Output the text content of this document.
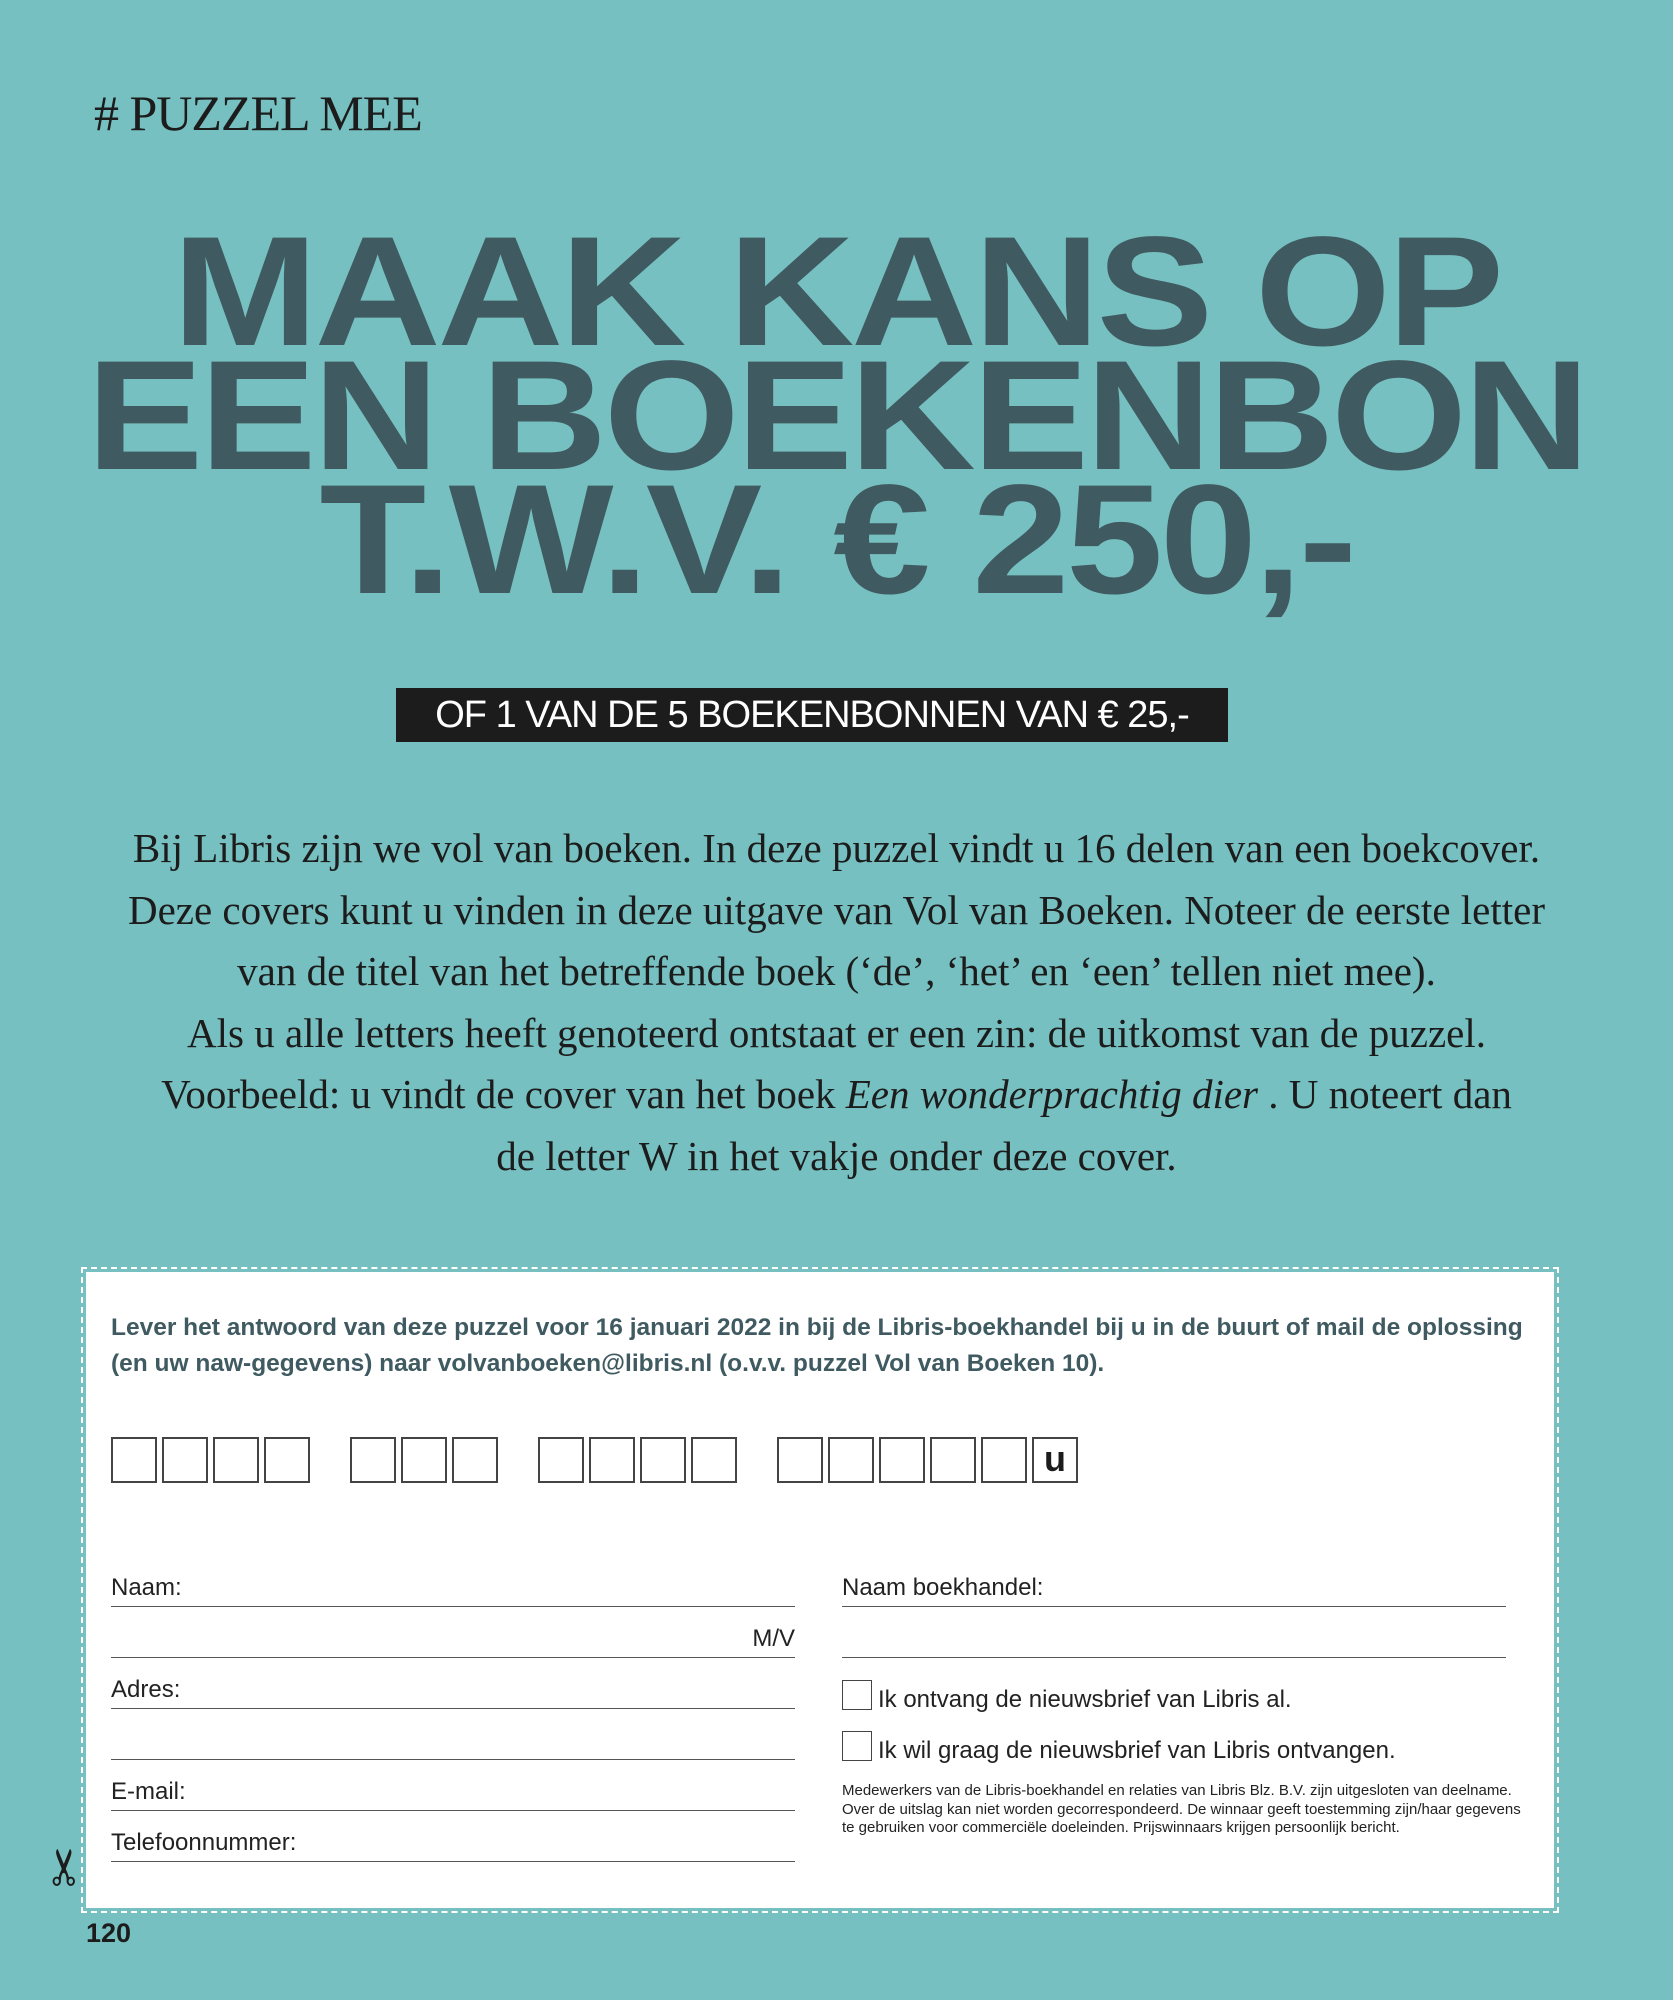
# PUZZEL MEE
MAAK KANS OP
EEN BOEKENBON
T.W.V. € 250,-
OF 1 VAN DE 5 BOEKENBONNEN VAN € 25,-

Bij Libris zijn we vol van boeken. In deze puzzel vindt u 16 delen van een boekcover.
Deze covers kunt u vinden in deze uitgave van Vol van Boeken. Noteer de eerste letter
van de titel van het betreffende boek (‘de’, ‘het’ en ‘een’ tellen niet mee).
Als u alle letters heeft genoteerd ontstaat er een zin: de uitkomst van de puzzel.
Voorbeeld: u vindt de cover van het boek Een wonderprachtig dier . U noteert dan
de letter W in het vakje onder deze cover.

Lever het antwoord van deze puzzel voor 16 januari 2022 in bij de Libris-boekhandel bij u in de buurt of mail de oplossing (en uw naw-gegevens) naar volvanboeken@libris.nl (o.v.v. puzzel Vol van Boeken 10).

u
Naam:
M/V
Adres:
E-mail:
Telefoonnummer:
Naam boekhandel:
Ik ontvang de nieuwsbrief van Libris al.
Ik wil graag de nieuwsbrief van Libris ontvangen.

Medewerkers van de Libris-boekhandel en relaties van Libris Blz. B.V. zijn uitgesloten van deelname. Over de uitslag kan niet worden gecorrespondeerd. De winnaar geeft toestemming zijn/haar gegevens te gebruiken voor commerciële doeleinden. Prijswinnaars krijgen persoonlijk bericht.

✂
120
